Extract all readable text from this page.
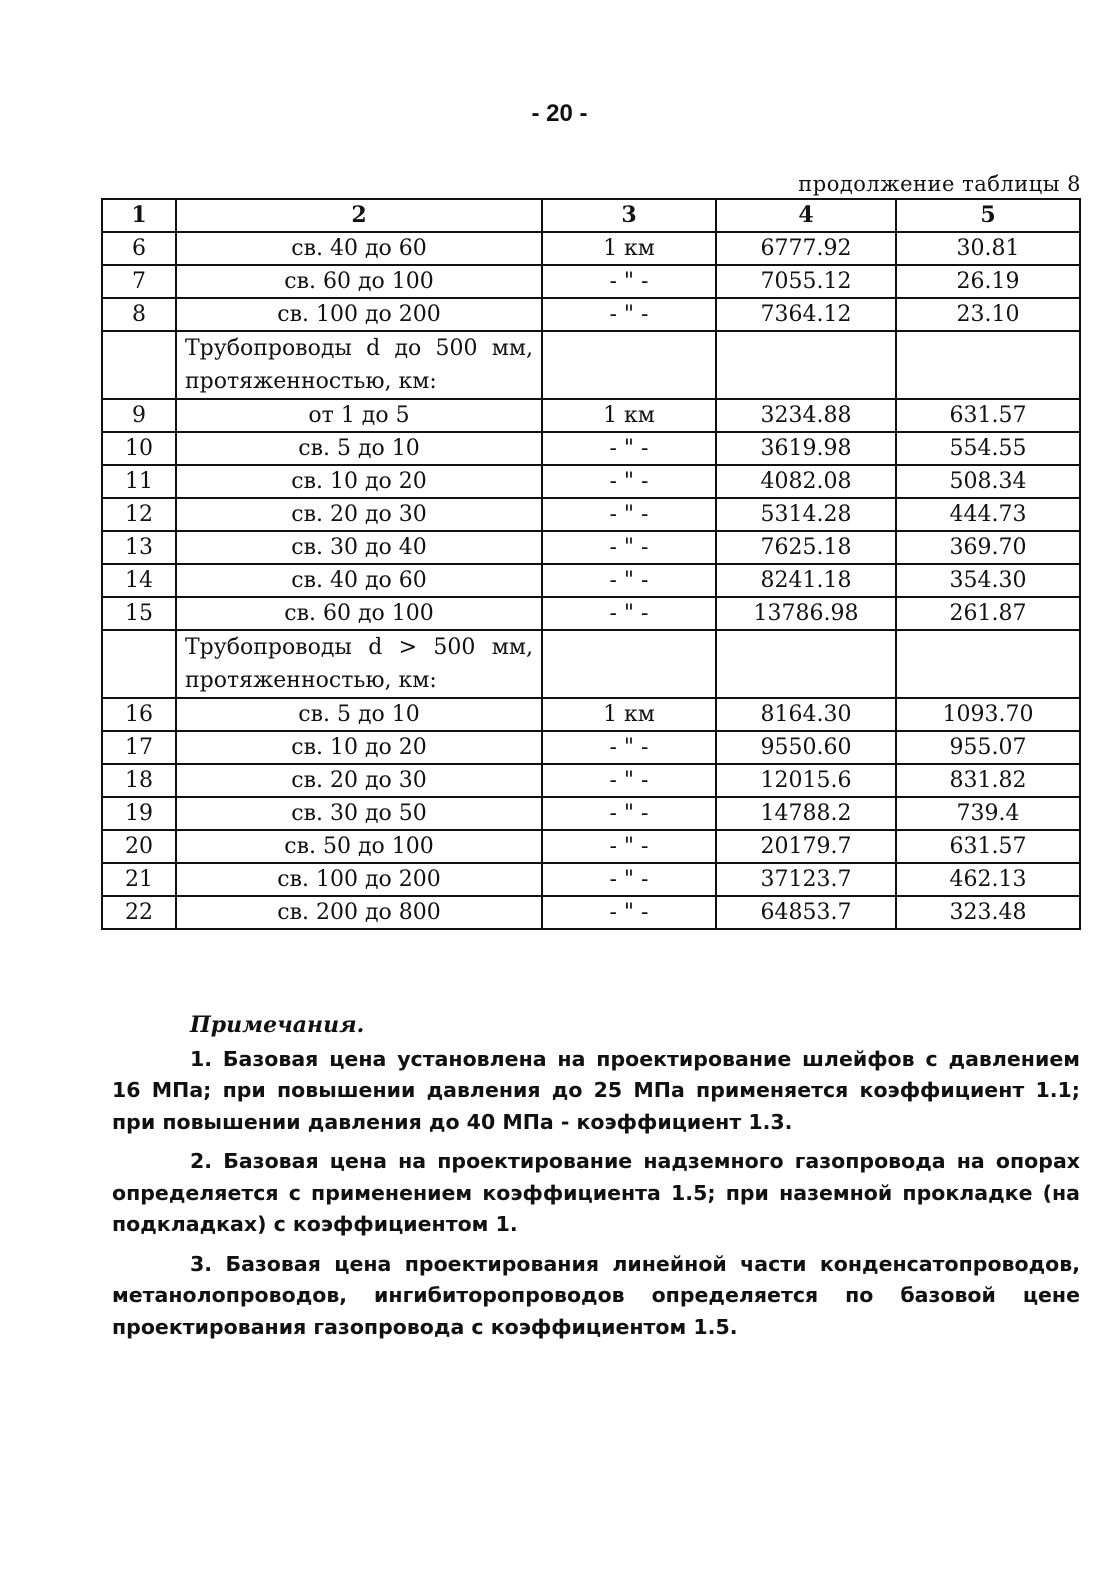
- 20 -
продолжение таблицы 8
1	2	3	4	5
6	св. 40 до 60	1 км	6777.92	30.81
7	св. 60 до 100	- " -	7055.12	26.19
8	св. 100 до 200	- " -	7364.12	23.10
	Трубопроводы d до 500 мм, протяженностью, км:			
9	от 1 до 5	1 км	3234.88	631.57
10	св. 5 до 10	- " -	3619.98	554.55
11	св. 10 до 20	- " -	4082.08	508.34
12	св. 20 до 30	- " -	5314.28	444.73
13	св. 30 до 40	- " -	7625.18	369.70
14	св. 40 до 60	- " -	8241.18	354.30
15	св. 60 до 100	- " -	13786.98	261.87
	Трубопроводы d > 500 мм, протяженностью, км:			
16	св. 5 до 10	1 км	8164.30	1093.70
17	св. 10 до 20	- " -	9550.60	955.07
18	св. 20 до 30	- " -	12015.6	831.82
19	св. 30 до 50	- " -	14788.2	739.4
20	св. 50 до 100	- " -	20179.7	631.57
21	св. 100 до 200	- " -	37123.7	462.13
22	св. 200 до 800	- " -	64853.7	323.48
Примечания.

1. Базовая цена установлена на проектирование шлейфов с давлением 16 МПа; при повышении давления до 25 МПа применяется коэффициент 1.1; при повышении давления до 40 МПа - коэффициент 1.3.

2. Базовая цена на проектирование надземного газопровода на опорах определяется с применением коэффициента 1.5; при наземной прокладке (на подкладках) с коэффициентом 1.

3. Базовая цена проектирования линейной части конденсатопроводов, метанолопроводов, ингибиторопроводов определяется по базовой цене проектирования газопровода с коэффициентом 1.5.
